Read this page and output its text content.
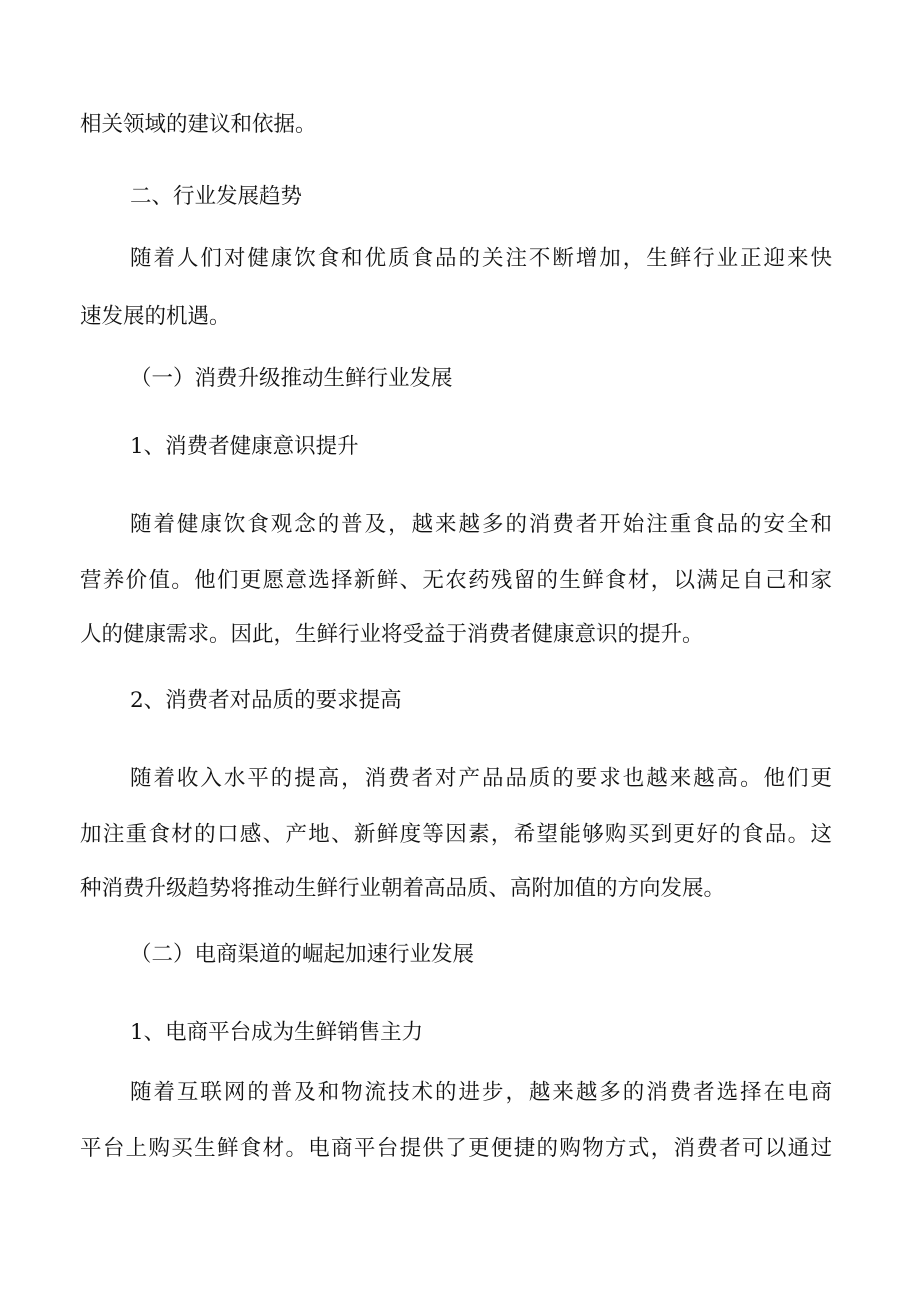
相关领域的建议和依据。

二、行业发展趋势

随着人们对健康饮食和优质食品的关注不断增加，生鲜行业正迎来快

速发展的机遇。

（一）消费升级推动生鲜行业发展

1、消费者健康意识提升

随着健康饮食观念的普及，越来越多的消费者开始注重食品的安全和

营养价值。他们更愿意选择新鲜、无农药残留的生鲜食材，以满足自己和家

人的健康需求。因此，生鲜行业将受益于消费者健康意识的提升。

2、消费者对品质的要求提高

随着收入水平的提高，消费者对产品品质的要求也越来越高。他们更

加注重食材的口感、产地、新鲜度等因素，希望能够购买到更好的食品。这

种消费升级趋势将推动生鲜行业朝着高品质、高附加值的方向发展。

（二）电商渠道的崛起加速行业发展

1、电商平台成为生鲜销售主力

随着互联网的普及和物流技术的进步，越来越多的消费者选择在电商

平台上购买生鲜食材。电商平台提供了更便捷的购物方式，消费者可以通过
